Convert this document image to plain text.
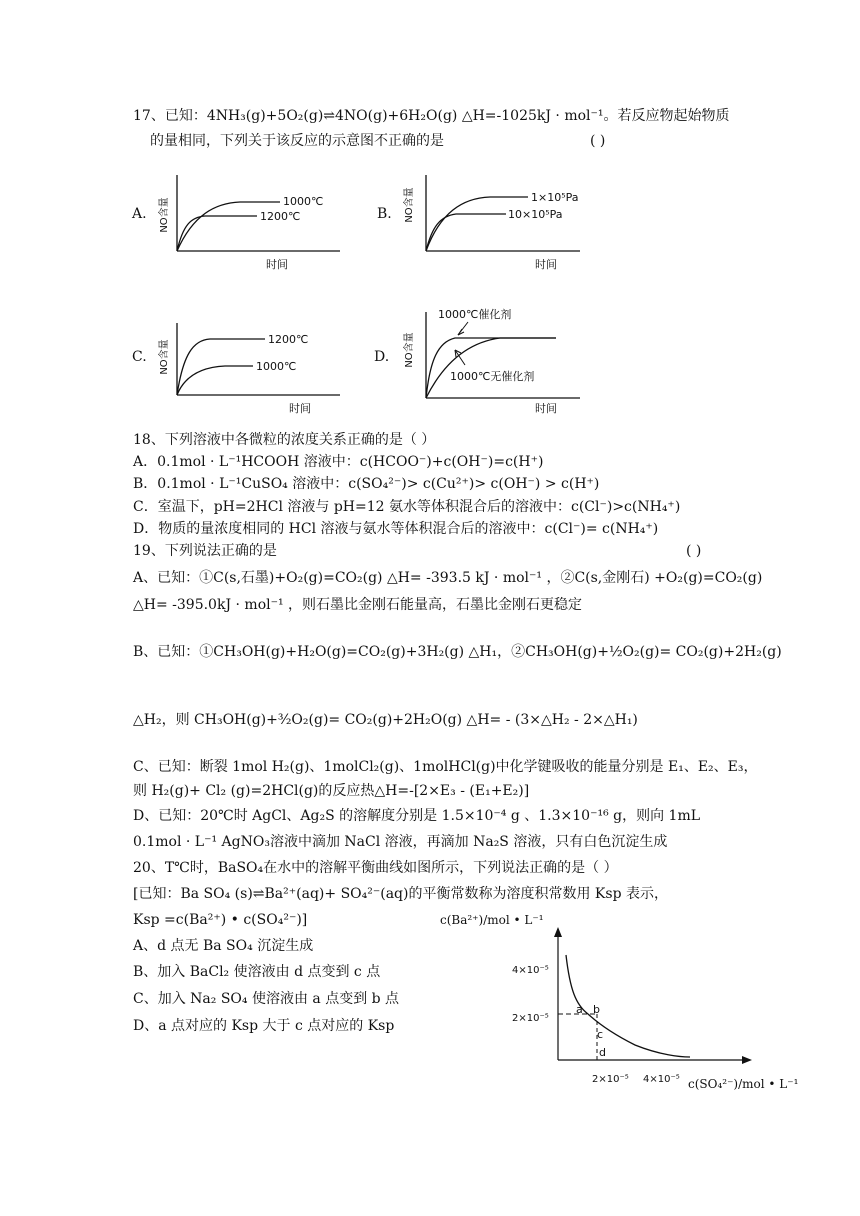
17、已知：4NH₃(g)+5O₂(g)⇌4NO(g)+6H₂O(g) △H=-1025kJ · mol⁻¹。若反应物起始物质
的量相同，下列关于该反应的示意图不正确的是	( )
A. NO含量
时间
1000℃
1200℃	B. NO含量
时间
1×10⁵Pa
10×10⁵Pa
C. NO含量
时间
1200℃
1000℃
D. NO含量
时间
1000℃催化剂
1000℃无催化剂
18、下列溶液中各微粒的浓度关系正确的是（ ）
A．0.1mol · L⁻¹HCOOH 溶液中：c(HCOO⁻)+c(OH⁻)=c(H⁺)
B．0.1mol · L⁻¹CuSO₄ 溶液中：c(SO₄²⁻)> c(Cu²⁺)> c(OH⁻) > c(H⁺)
C．室温下，pH=2HCl 溶液与 pH=12 氨水等体积混合后的溶液中：c(Cl⁻)>c(NH₄⁺)
D．物质的量浓度相同的 HCl 溶液与氨水等体积混合后的溶液中：c(Cl⁻)= c(NH₄⁺)
19、下列说法正确的是	( )
A、已知：①C(s,石墨)+O₂(g)=CO₂(g) △H= -393.5 kJ · mol⁻¹ ，②C(s,金刚石) +O₂(g)=CO₂(g)
△H= -395.0kJ · mol⁻¹ ，则石墨比金刚石能量高，石墨比金刚石更稳定
B、已知：①CH₃OH(g)+H₂O(g)=CO₂(g)+3H₂(g) △H₁，②CH₃OH(g)+½O₂(g)= CO₂(g)+2H₂(g)
△H₂，则 CH₃OH(g)+³⁄₂O₂(g)= CO₂(g)+2H₂O(g) △H= - (3×△H₂ - 2×△H₁)
C、已知：断裂 1mol H₂(g)、1molCl₂(g)、1molHCl(g)中化学键吸收的能量分别是 E₁、E₂、E₃，
则 H₂(g)+ Cl₂ (g)=2HCl(g)的反应热△H=-[2×E₃ - (E₁+E₂)]
D、已知：20℃时 AgCl、Ag₂S 的溶解度分别是 1.5×10⁻⁴ g 、1.3×10⁻¹⁶ g，则向 1mL
0.1mol · L⁻¹ AgNO₃溶液中滴加 NaCl 溶液，再滴加 Na₂S 溶液，只有白色沉淀生成
20、T℃时，BaSO₄在水中的溶解平衡曲线如图所示，下列说法正确的是（ ）
[已知：Ba SO₄ (s)⇌Ba²⁺(aq)+ SO₄²⁻(aq)的平衡常数称为溶度积常数用 Ksp 表示，
Ksp =c(Ba²⁺) • c(SO₄²⁻)]
A、d 点无 Ba SO₄ 沉淀生成
B、加入 BaCl₂ 使溶液由 d 点变到 c 点
C、加入 Na₂ SO₄ 使溶液由 a 点变到 b 点
D、a 点对应的 Ksp 大于 c 点对应的 Ksp
c(Ba²⁺)/mol • L⁻¹
4×10⁻⁵
2×10⁻⁵
2×10⁻⁵ 4×10⁻⁵
a b
c
d
c(SO₄²⁻)/mol • L⁻¹
